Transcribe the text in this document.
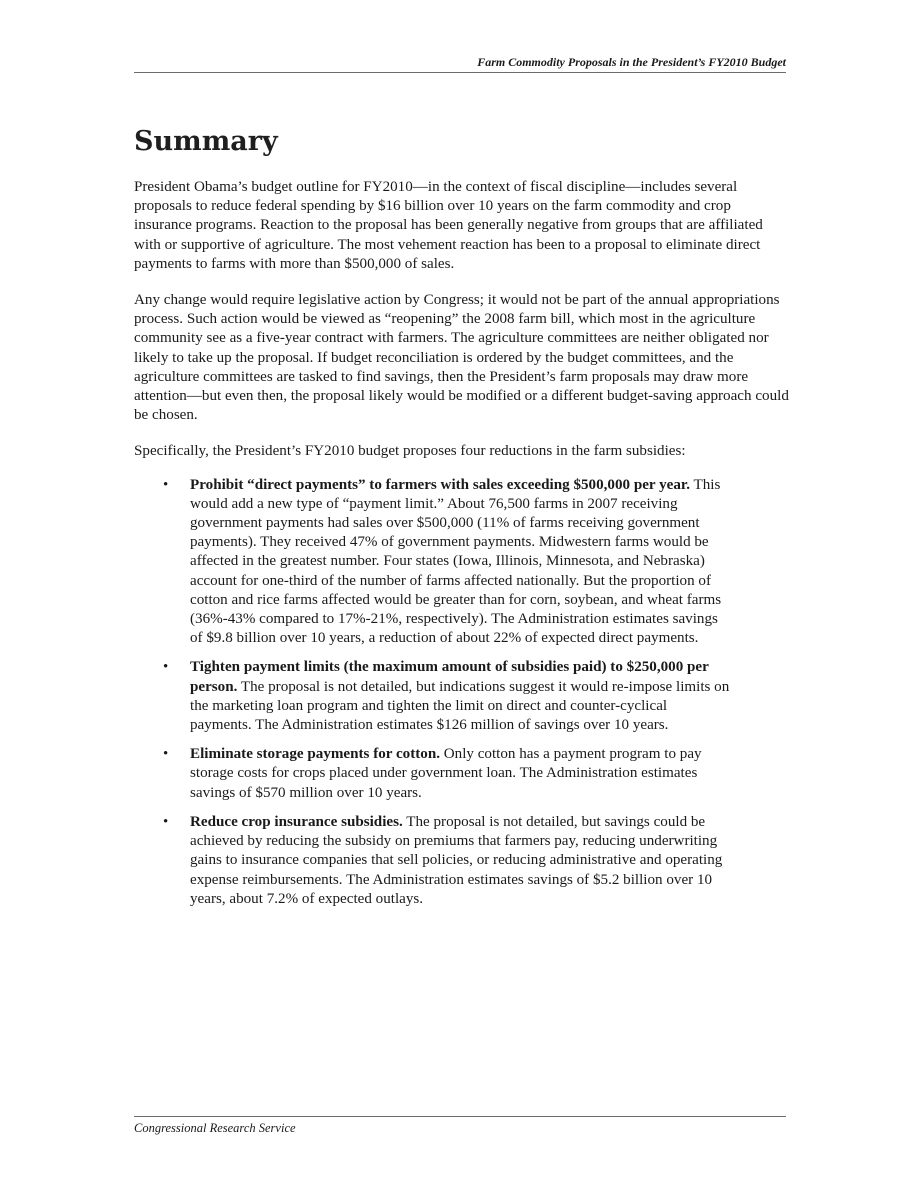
Farm Commodity Proposals in the President’s FY2010 Budget
Summary

President Obama’s budget outline for FY2010—in the context of fiscal discipline—includes several proposals to reduce federal spending by $16 billion over 10 years on the farm commodity and crop insurance programs. Reaction to the proposal has been generally negative from groups that are affiliated with or supportive of agriculture. The most vehement reaction has been to a proposal to eliminate direct payments to farms with more than $500,000 of sales.

Any change would require legislative action by Congress; it would not be part of the annual appropriations process. Such action would be viewed as “reopening” the 2008 farm bill, which most in the agriculture community see as a five-year contract with farmers. The agriculture committees are neither obligated nor likely to take up the proposal. If budget reconciliation is ordered by the budget committees, and the agriculture committees are tasked to find savings, then the President’s farm proposals may draw more attention—but even then, the proposal likely would be modified or a different budget-saving approach could be chosen.

Specifically, the President’s FY2010 budget proposes four reductions in the farm subsidies:

• Prohibit “direct payments” to farmers with sales exceeding $500,000 per year. This would add a new type of “payment limit.” About 76,500 farms in 2007 receiving government payments had sales over $500,000 (11% of farms receiving government payments). They received 47% of government payments. Midwestern farms would be affected in the greatest number. Four states (Iowa, Illinois, Minnesota, and Nebraska) account for one-third of the number of farms affected nationally. But the proportion of cotton and rice farms affected would be greater than for corn, soybean, and wheat farms (36%-43% compared to 17%-21%, respectively). The Administration estimates savings of $9.8 billion over 10 years, a reduction of about 22% of expected direct payments.
• Tighten payment limits (the maximum amount of subsidies paid) to $250,000 per person. The proposal is not detailed, but indications suggest it would re-impose limits on the marketing loan program and tighten the limit on direct and counter-cyclical payments. The Administration estimates $126 million of savings over 10 years.
• Eliminate storage payments for cotton. Only cotton has a payment program to pay storage costs for crops placed under government loan. The Administration estimates savings of $570 million over 10 years.
• Reduce crop insurance subsidies. The proposal is not detailed, but savings could be achieved by reducing the subsidy on premiums that farmers pay, reducing underwriting gains to insurance companies that sell policies, or reducing administrative and operating expense reimbursements. The Administration estimates savings of $5.2 billion over 10 years, about 7.2% of expected outlays.
Congressional Research Service
